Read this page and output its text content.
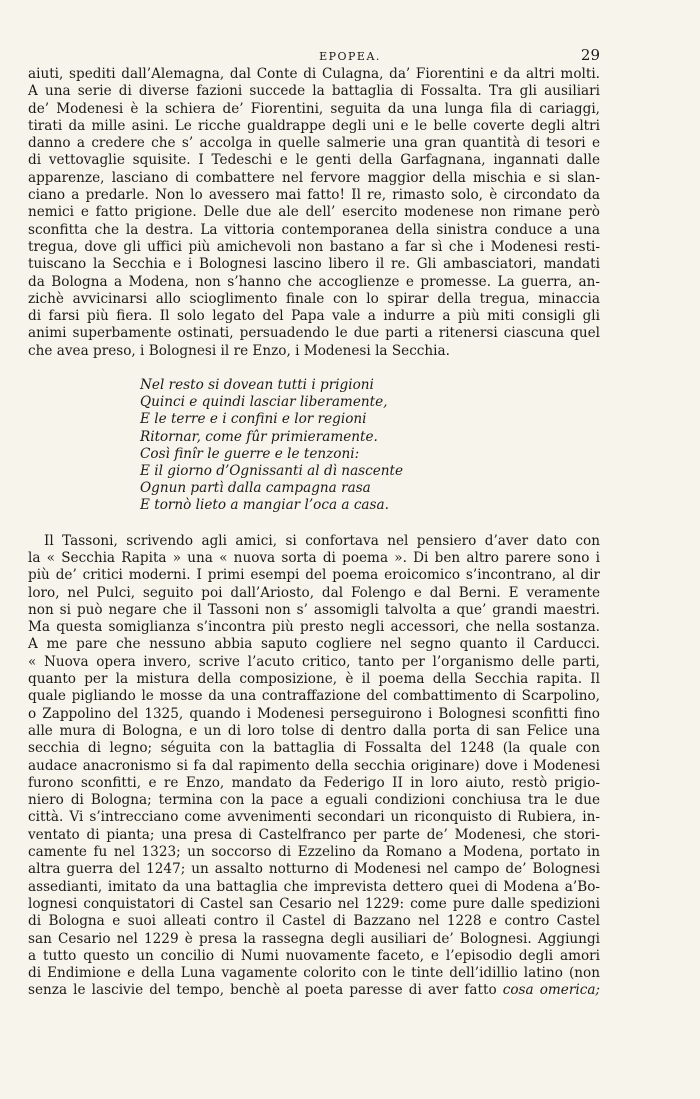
EPOPEA.	29
aiuti, spediti dall’Alemagna, dal Conte di Culagna, da’ Fiorentini e da altri molti.
A una serie di diverse fazioni succede la battaglia di Fossalta. Tra gli ausiliari
de’ Modenesi è la schiera de’ Fiorentini, seguita da una lunga fila di cariaggi,
tirati da mille asini. Le ricche gualdrappe degli uni e le belle coverte degli altri
danno a credere che s’ accolga in quelle salmerie una gran quantità di tesori e
di vettovaglie squisite. I Tedeschi e le genti della Garfagnana, ingannati dalle
apparenze, lasciano di combattere nel fervore maggior della mischia e si slan-
ciano a predarle. Non lo avessero mai fatto! Il re, rimasto solo, è circondato da
nemici e fatto prigione. Delle due ale dell’ esercito modenese non rimane però
sconfitta che la destra. La vittoria contemporanea della sinistra conduce a una
tregua, dove gli uffici più amichevoli non bastano a far sì che i Modenesi resti-
tuiscano la Secchia e i Bolognesi lascino libero il re. Gli ambasciatori, mandati
da Bologna a Modena, non s’hanno che accoglienze e promesse. La guerra, an-
zichè avvicinarsi allo scioglimento finale con lo spirar della tregua, minaccia
di farsi più fiera. Il solo legato del Papa vale a indurre a più miti consigli gli
animi superbamente ostinati, persuadendo le due parti a ritenersi ciascuna quel
che avea preso, i Bolognesi il re Enzo, i Modenesi la Secchia.
Nel resto si dovean tutti i prigioni
Quinci e quindi lasciar liberamente,
E le terre e i confini e lor regioni
Ritornar, come fûr primieramente.
Così finîr le guerre e le tenzoni:
E il giorno d’Ognissanti al dì nascente
Ognun partì dalla campagna rasa
E tornò lieto a mangiar l’oca a casa.
Il Tassoni, scrivendo agli amici, si confortava nel pensiero d’aver dato con
la « Secchia Rapita » una « nuova sorta di poema ». Di ben altro parere sono i
più de’ critici moderni. I primi esempi del poema eroicomico s’incontrano, al dir
loro, nel Pulci, seguito poi dall’Ariosto, dal Folengo e dal Berni. E veramente
non si può negare che il Tassoni non s’ assomigli talvolta a que’ grandi maestri.
Ma questa somiglianza s’incontra più presto negli accessori, che nella sostanza.
A me pare che nessuno abbia saputo cogliere nel segno quanto il Carducci.
« Nuova opera invero, scrive l’acuto critico, tanto per l’organismo delle parti,
quanto per la mistura della composizione, è il poema della Secchia rapita. Il
quale pigliando le mosse da una contraffazione del combattimento di Scarpolino,
o Zappolino del 1325, quando i Modenesi perseguirono i Bolognesi sconfitti fino
alle mura di Bologna, e un di loro tolse di dentro dalla porta di san Felice una
secchia di legno; séguita con la battaglia di Fossalta del 1248 (la quale con
audace anacronismo si fa dal rapimento della secchia originare) dove i Modenesi
furono sconfitti, e re Enzo, mandato da Federigo II in loro aiuto, restò prigio-
niero di Bologna; termina con la pace a eguali condizioni conchiusa tra le due
città. Vi s’intrecciano come avvenimenti secondari un riconquisto di Rubiera, in-
ventato di pianta; una presa di Castelfranco per parte de’ Modenesi, che stori-
camente fu nel 1323; un soccorso di Ezzelino da Romano a Modena, portato in
altra guerra del 1247; un assalto notturno di Modenesi nel campo de’ Bolognesi
assedianti, imitato da una battaglia che imprevista dettero quei di Modena a’Bo-
lognesi conquistatori di Castel san Cesario nel 1229: come pure dalle spedizioni
di Bologna e suoi alleati contro il Castel di Bazzano nel 1228 e contro Castel
san Cesario nel 1229 è presa la rassegna degli ausiliari de’ Bolognesi. Aggiungi
a tutto questo un concilio di Numi nuovamente faceto, e l’episodio degli amori
di Endimione e della Luna vagamente colorito con le tinte dell’idillio latino (non
senza le lascivie del tempo, benchè al poeta paresse di aver fatto cosa omerica;
